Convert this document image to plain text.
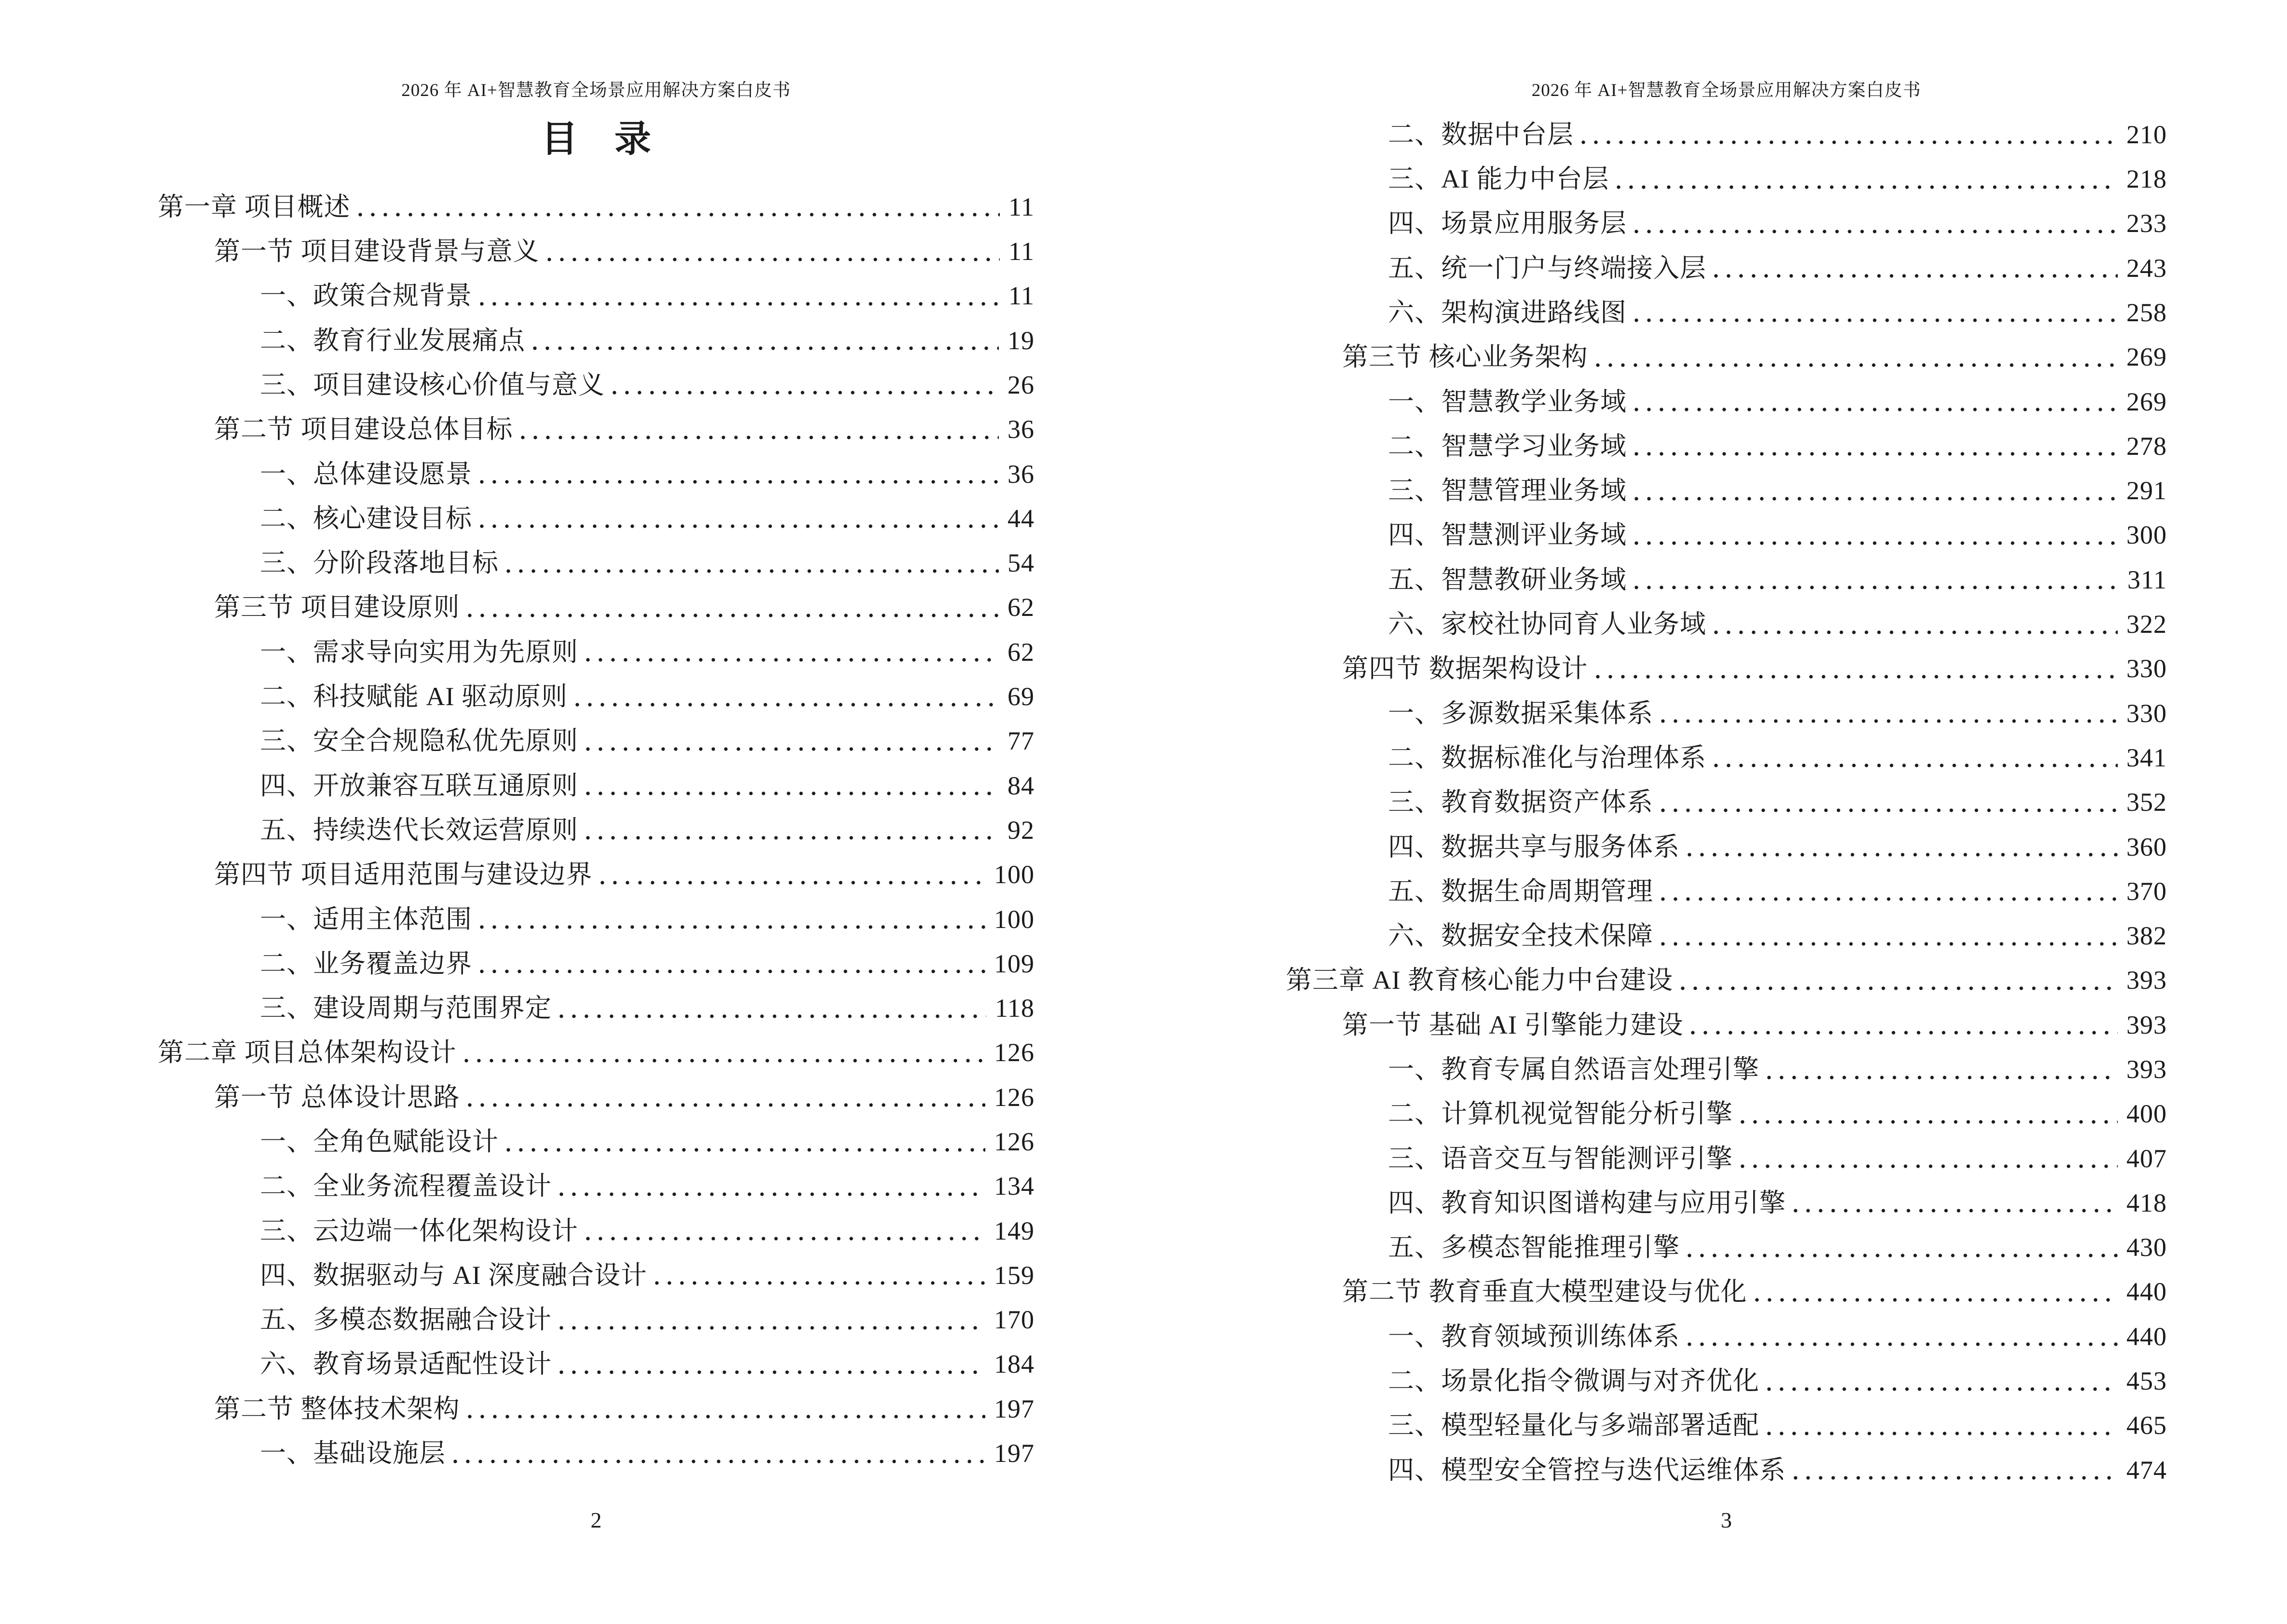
2026 年 AI+智慧教育全场景应用解决方案白皮书
目　录
第一章 项目概述	11
第一节 项目建设背景与意义	11
一、政策合规背景	11
二、教育行业发展痛点	19
三、项目建设核心价值与意义	26
第二节 项目建设总体目标	36
一、总体建设愿景	36
二、核心建设目标	44
三、分阶段落地目标	54
第三节 项目建设原则	62
一、需求导向实用为先原则	62
二、科技赋能 AI 驱动原则	69
三、安全合规隐私优先原则	77
四、开放兼容互联互通原则	84
五、持续迭代长效运营原则	92
第四节 项目适用范围与建设边界	100
一、适用主体范围	100
二、业务覆盖边界	109
三、建设周期与范围界定	118
第二章 项目总体架构设计	126
第一节 总体设计思路	126
一、全角色赋能设计	126
二、全业务流程覆盖设计	134
三、云边端一体化架构设计	149
四、数据驱动与 AI 深度融合设计	159
五、多模态数据融合设计	170
六、教育场景适配性设计	184
第二节 整体技术架构	197
一、基础设施层	197
2
2026 年 AI+智慧教育全场景应用解决方案白皮书
二、数据中台层	210
三、AI 能力中台层	218
四、场景应用服务层	233
五、统一门户与终端接入层	243
六、架构演进路线图	258
第三节 核心业务架构	269
一、智慧教学业务域	269
二、智慧学习业务域	278
三、智慧管理业务域	291
四、智慧测评业务域	300
五、智慧教研业务域	311
六、家校社协同育人业务域	322
第四节 数据架构设计	330
一、多源数据采集体系	330
二、数据标准化与治理体系	341
三、教育数据资产体系	352
四、数据共享与服务体系	360
五、数据生命周期管理	370
六、数据安全技术保障	382
第三章 AI 教育核心能力中台建设	393
第一节 基础 AI 引擎能力建设	393
一、教育专属自然语言处理引擎	393
二、计算机视觉智能分析引擎	400
三、语音交互与智能测评引擎	407
四、教育知识图谱构建与应用引擎	418
五、多模态智能推理引擎	430
第二节 教育垂直大模型建设与优化	440
一、教育领域预训练体系	440
二、场景化指令微调与对齐优化	453
三、模型轻量化与多端部署适配	465
四、模型安全管控与迭代运维体系	474
3
